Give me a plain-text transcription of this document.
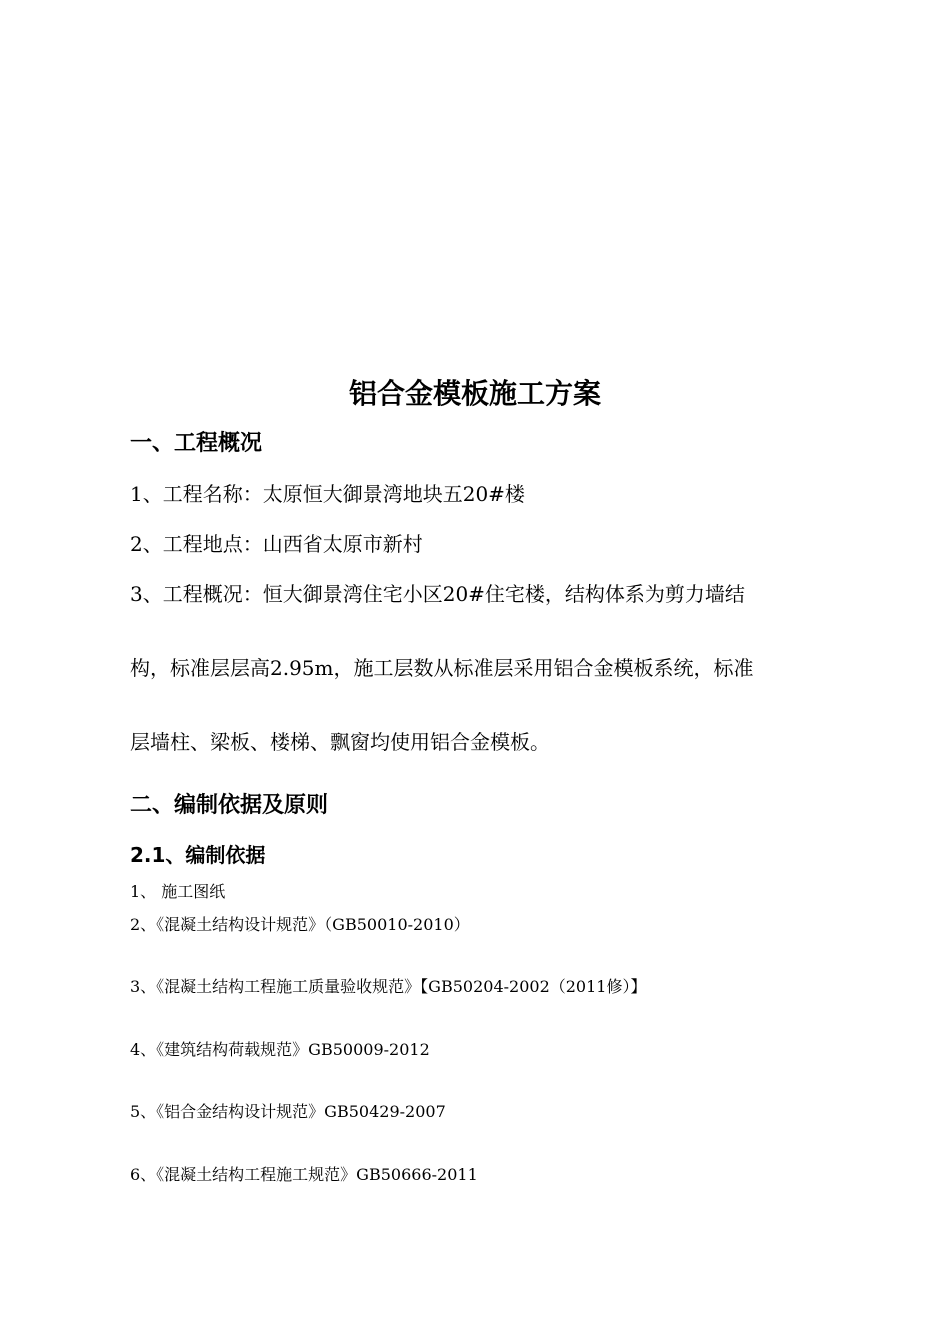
铝合金模板施工方案
一、工程概况
1、工程名称：太原恒大御景湾地块五20#楼
2、工程地点：山西省太原市新村
3、工程概况：恒大御景湾住宅小区20#住宅楼，结构体系为剪力墙结
构，标准层层高2.95m，施工层数从标准层采用铝合金模板系统，标准
层墙柱、梁板、楼梯、飘窗均使用铝合金模板。
二、编制依据及原则
2.1、编制依据
1、 施工图纸
2、《混凝土结构设计规范》（GB50010-2010）
3、《混凝土结构工程施工质量验收规范》【GB50204-2002（2011修）】
4、《建筑结构荷载规范》GB50009-2012
5、《铝合金结构设计规范》GB50429-2007
6、《混凝土结构工程施工规范》GB50666-2011
